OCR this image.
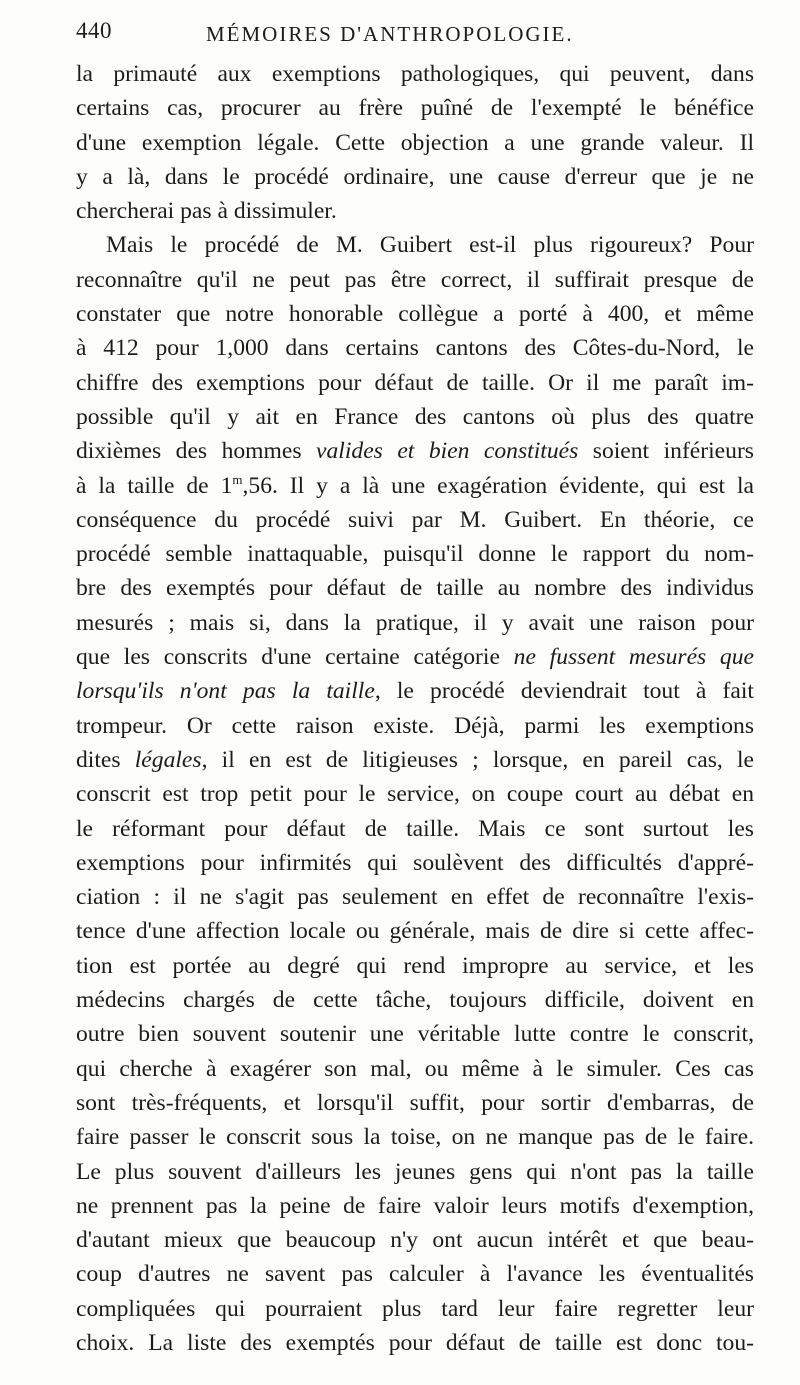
440	MÉMOIRES D'ANTHROPOLOGIE.
la primauté aux exemptions pathologiques, qui peuvent, dans
certains cas, procurer au frère puîné de l'exempté le bénéfice
d'une exemption légale. Cette objection a une grande valeur. Il
y a là, dans le procédé ordinaire, une cause d'erreur que je ne
chercherai pas à dissimuler.
Mais le procédé de M. Guibert est-il plus rigoureux? Pour
reconnaître qu'il ne peut pas être correct, il suffirait presque de
constater que notre honorable collègue a porté à 400, et même
à 412 pour 1,000 dans certains cantons des Côtes-du-Nord, le
chiffre des exemptions pour défaut de taille. Or il me paraît im-
possible qu'il y ait en France des cantons où plus des quatre
dixièmes des hommes valides et bien constitués soient inférieurs
à la taille de 1$^m$,56. Il y a là une exagération évidente, qui est la
conséquence du procédé suivi par M. Guibert. En théorie, ce
procédé semble inattaquable, puisqu'il donne le rapport du nom-
bre des exemptés pour défaut de taille au nombre des individus
mesurés ; mais si, dans la pratique, il y avait une raison pour
que les conscrits d'une certaine catégorie ne fussent mesurés que
lorsqu'ils n'ont pas la taille, le procédé deviendrait tout à fait
trompeur. Or cette raison existe. Déjà, parmi les exemptions
dites légales, il en est de litigieuses ; lorsque, en pareil cas, le
conscrit est trop petit pour le service, on coupe court au débat en
le réformant pour défaut de taille. Mais ce sont surtout les
exemptions pour infirmités qui soulèvent des difficultés d'appré-
ciation : il ne s'agit pas seulement en effet de reconnaître l'exis-
tence d'une affection locale ou générale, mais de dire si cette affec-
tion est portée au degré qui rend impropre au service, et les
médecins chargés de cette tâche, toujours difficile, doivent en
outre bien souvent soutenir une véritable lutte contre le conscrit,
qui cherche à exagérer son mal, ou même à le simuler. Ces cas
sont très-fréquents, et lorsqu'il suffit, pour sortir d'embarras, de
faire passer le conscrit sous la toise, on ne manque pas de le faire.
Le plus souvent d'ailleurs les jeunes gens qui n'ont pas la taille
ne prennent pas la peine de faire valoir leurs motifs d'exemption,
d'autant mieux que beaucoup n'y ont aucun intérêt et que beau-
coup d'autres ne savent pas calculer à l'avance les éventualités
compliquées qui pourraient plus tard leur faire regretter leur
choix. La liste des exemptés pour défaut de taille est donc tou-
